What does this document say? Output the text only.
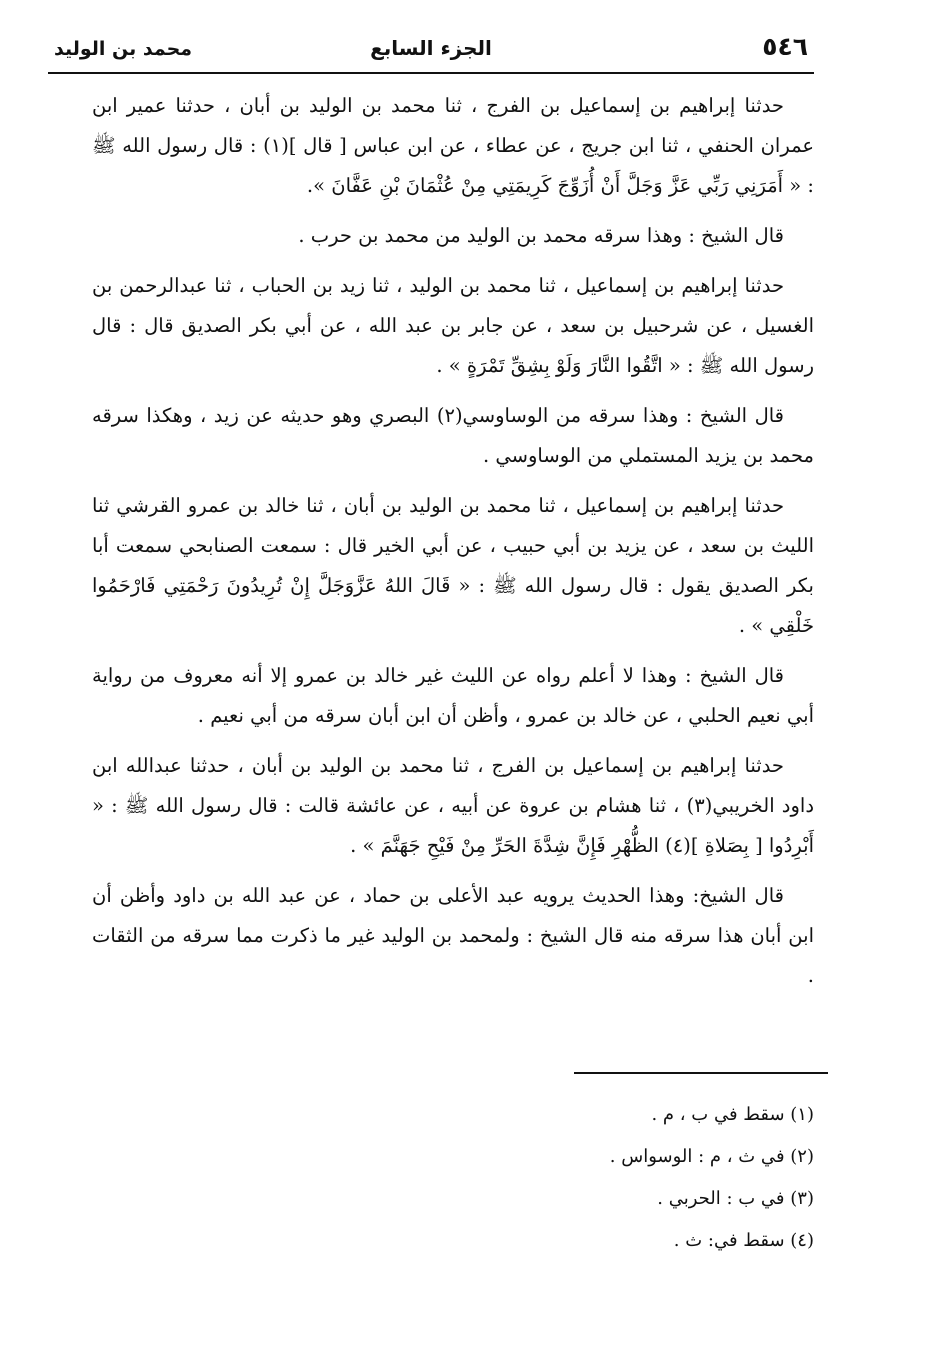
٥٤٦
الجزء السابع
محمد بن الوليد

حدثنا إبراهيم بن إسماعيل بن الفرج ، ثنا محمد بن الوليد بن أبان ، حدثنا عمير ابن عمران الحنفي ، ثنا ابن جريج ، عن عطاء ، عن ابن عباس [ قال ](١) : قال رسول الله ﷺ : « أَمَرَنِي رَبِّي عَزَّ وَجَلَّ أَنْ أُزَوِّجَ كَرِيمَتِي مِنْ عُثْمَانَ بْنِ عَفَّانَ ».

قال الشيخ : وهذا سرقه محمد بن الوليد من محمد بن حرب .

حدثنا إبراهيم بن إسماعيل ، ثنا محمد بن الوليد ، ثنا زيد بن الحباب ، ثنا عبدالرحمن بن الغسيل ، عن شرحبيل بن سعد ، عن جابر بن عبد الله ، عن أبي بكر الصديق قال : قال رسول الله ﷺ : « اتَّقُوا النَّارَ وَلَوْ بِشِقِّ تَمْرَةٍ » .

قال الشيخ : وهذا سرقه من الوساوسي(٢) البصري وهو حديثه عن زيد ، وهكذا سرقه محمد بن يزيد المستملي من الوساوسي .

حدثنا إبراهيم بن إسماعيل ، ثنا محمد بن الوليد بن أبان ، ثنا خالد بن عمرو القرشي ثنا الليث بن سعد ، عن يزيد بن أبي حبيب ، عن أبي الخير قال : سمعت الصنابحي سمعت أبا بكر الصديق يقول : قال رسول الله ﷺ : « قَالَ اللهُ عَزَّوَجَلَّ إِنْ تُرِيدُونَ رَحْمَتِي فَارْحَمُوا خَلْقِي » .

قال الشيخ : وهذا لا أعلم رواه عن الليث غير خالد بن عمرو إلا أنه معروف من رواية أبي نعيم الحلبي ، عن خالد بن عمرو ، وأظن أن ابن أبان سرقه من أبي نعيم .

حدثنا إبراهيم بن إسماعيل بن الفرج ، ثنا محمد بن الوليد بن أبان ، حدثنا عبدالله ابن داود الخريبي(٣) ، ثنا هشام بن عروة عن أبيه ، عن عائشة قالت : قال رسول الله ﷺ : « أَبْرِدُوا [ بِصَلاةِ ](٤) الظُّهْرِ فَإِنَّ شِدَّةَ الحَرِّ مِنْ فَيْحِ جَهَنَّمَ » .

قال الشيخ: وهذا الحديث يرويه عبد الأعلى بن حماد ، عن عبد الله بن داود وأظن أن ابن أبان هذا سرقه منه قال الشيخ : ولمحمد بن الوليد غير ما ذكرت مما سرقه من الثقات .

(١) سقط في ب ، م .

(٢) في ث ، م : الوسواس .

(٣) في ب : الحربي .

(٤) سقط في: ث .
